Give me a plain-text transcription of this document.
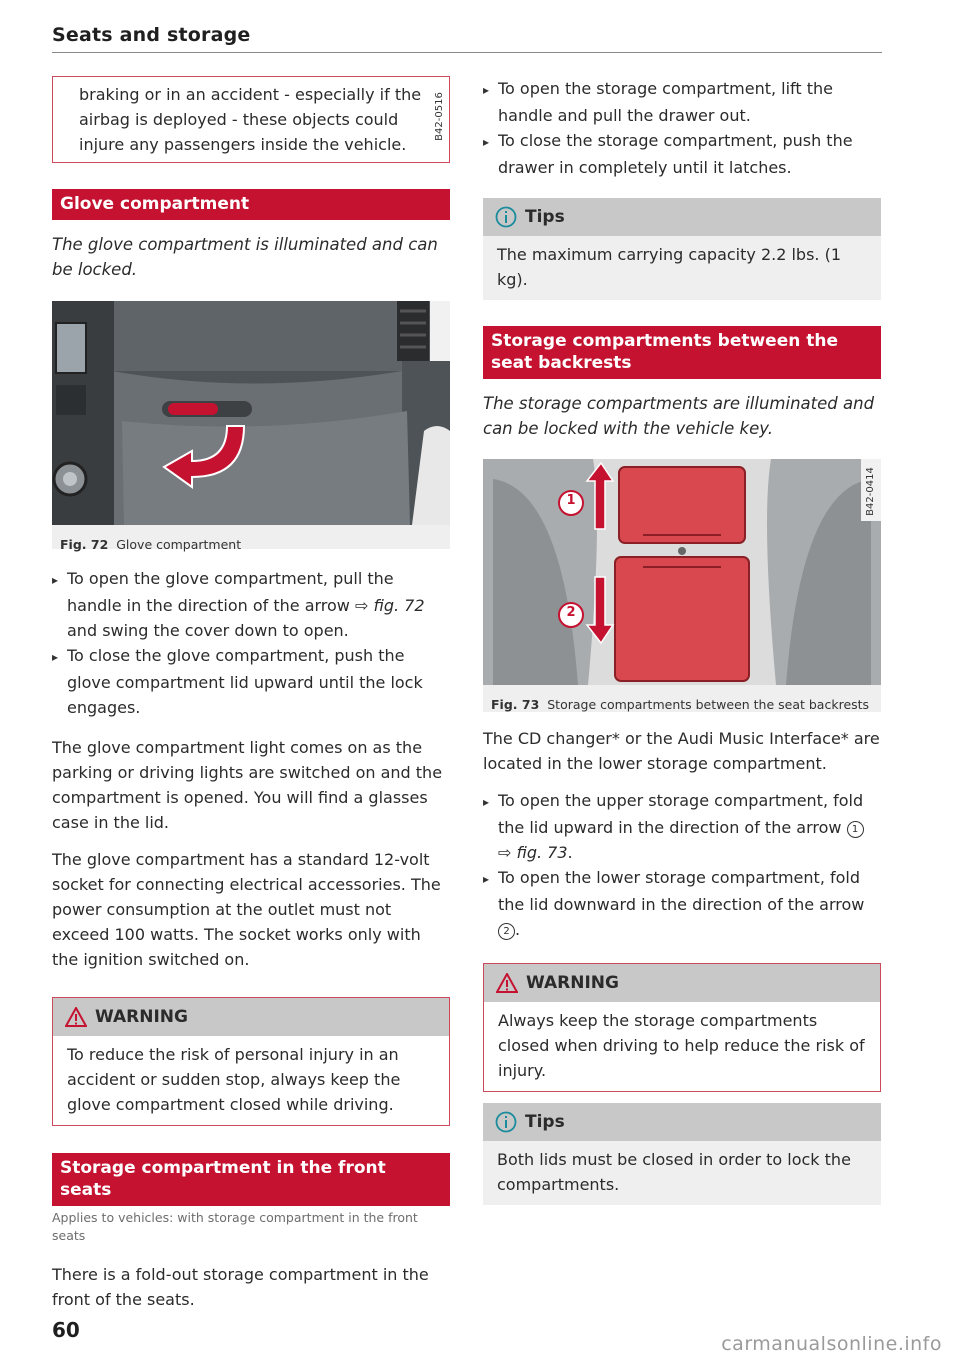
Seats and storage

braking or in an accident - especially if the airbag is deployed - these objects could injure any passengers inside the vehicle.

Glove compartment

The glove compartment is illuminated and can be locked.

B42-0516
Fig. 72 Glove compartment

▸ To open the glove compartment, pull the handle in the direction of the arrow ⇨ fig. 72 and swing the cover down to open.

▸ To close the glove compartment, push the glove compartment lid upward until the lock engages.

The glove compartment light comes on as the parking or driving lights are switched on and the compartment is opened. You will find a glasses case in the lid.

The glove compartment has a standard 12-volt socket for connecting electrical accessories. The power consumption at the outlet must not exceed 100 watts. The socket works only with the ignition switched on.

WARNING
To reduce the risk of personal injury in an accident or sudden stop, always keep the glove compartment closed while driving.
Storage compartment in the front seats
Applies to vehicles: with storage compartment in the front seats

There is a fold-out storage compartment in the front of the seats.

▸ To open the storage compartment, lift the handle and pull the drawer out.

▸ To close the storage compartment, push the drawer in completely until it latches.

Tips
The maximum carrying capacity 2.2 lbs. (1 kg).
Storage compartments between the seat backrests

The storage compartments are illuminated and can be locked with the vehicle key.

1
2
B42-0414
Fig. 73 Storage compartments between the seat backrests

The CD changer* or the Audi Music Interface* are located in the lower storage compartment.

▸ To open the upper storage compartment, fold the lid upward in the direction of the arrow 1 ⇨ fig. 73.

▸ To open the lower storage compartment, fold the lid downward in the direction of the arrow 2 .

WARNING
Always keep the storage compartments closed when driving to help reduce the risk of injury.
Tips
Both lids must be closed in order to lock the compartments.
60
carmanualsonline.info
